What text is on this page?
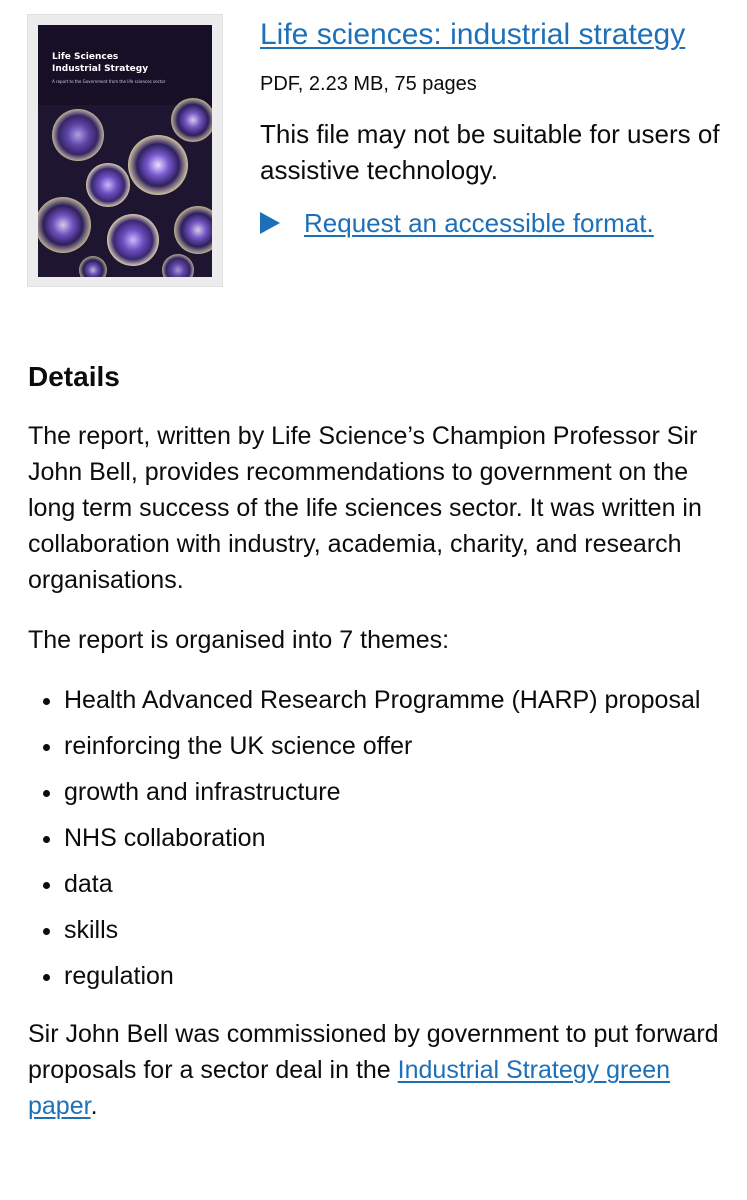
Life Sciences
Industrial Strategy
A report to the Government from the life sciences sector
Life sciences: industrial strategy
PDF, 2.23 MB, 75 pages
This file may not be suitable for users of assistive technology.
Request an accessible format.
Details

The report, written by Life Science’s Champion Professor Sir John Bell, provides recommendations to government on the long term success of the life sciences sector. It was written in collaboration with industry, academia, charity, and research organisations.

The report is organised into 7 themes:

• Health Advanced Research Programme (HARP) proposal
• reinforcing the UK science offer
• growth and infrastructure
• NHS collaboration
• data
• skills
• regulation

Sir John Bell was commissioned by government to put forward proposals for a sector deal in the Industrial Strategy green paper.
